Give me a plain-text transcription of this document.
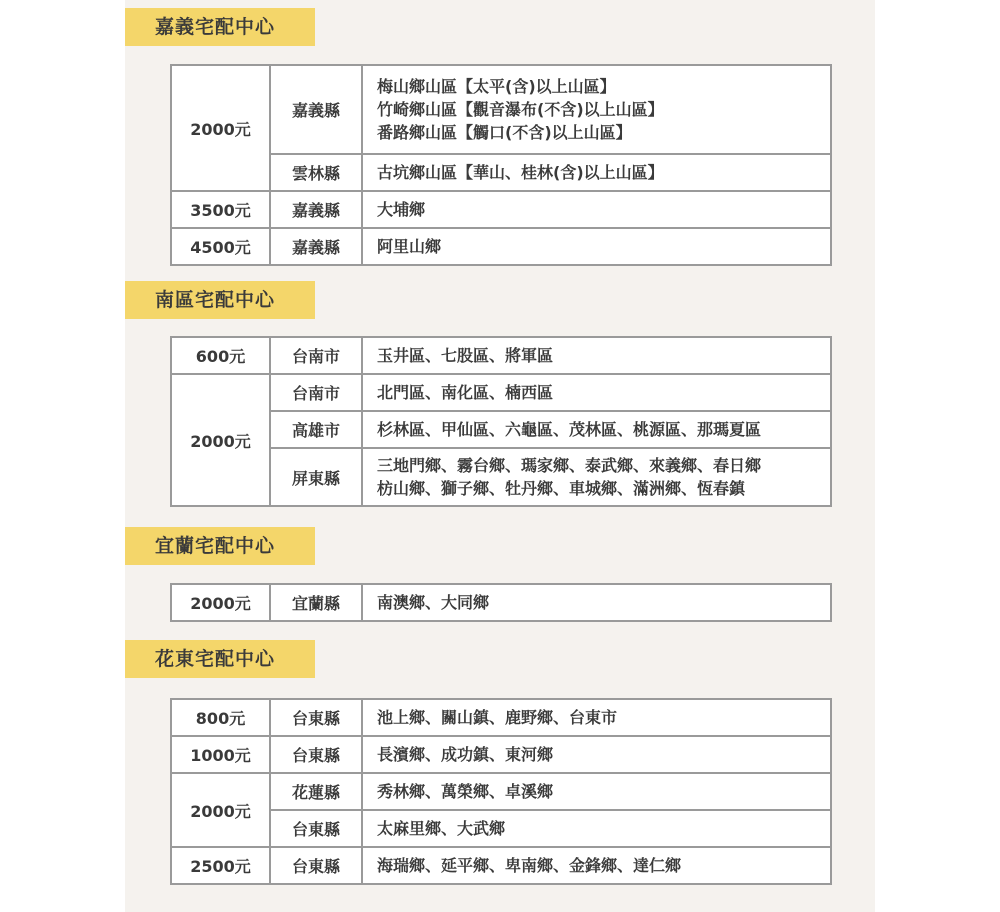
嘉義宅配中心
2000元	嘉義縣	梅山鄉山區【太平(含)以上山區】
竹崎鄉山區【觀音瀑布(不含)以上山區】
番路鄉山區【觸口(不含)以上山區】

	雲林縣	古坑鄉山區【華山、桂林(含)以上山區】
3500元	嘉義縣	大埔鄉
4500元	嘉義縣	阿里山鄉
南區宅配中心
600元	台南市	玉井區、七股區、將軍區
2000元	台南市	北門區、南化區、楠西區
	高雄市	杉林區、甲仙區、六龜區、茂林區、桃源區、那瑪夏區
	屏東縣	三地門鄉、霧台鄉、瑪家鄉、泰武鄉、來義鄉、春日鄉
枋山鄉、獅子鄉、牡丹鄉、車城鄉、滿洲鄉、恆春鎮
宜蘭宅配中心
2000元	宜蘭縣	南澳鄉、大同鄉
花東宅配中心
800元	台東縣	池上鄉、關山鎮、鹿野鄉、台東市
1000元	台東縣	長濱鄉、成功鎮、東河鄉
2000元	花蓮縣	秀林鄉、萬榮鄉、卓溪鄉
	台東縣	太麻里鄉、大武鄉
2500元	台東縣	海瑞鄉、延平鄉、卑南鄉、金鋒鄉、達仁鄉
